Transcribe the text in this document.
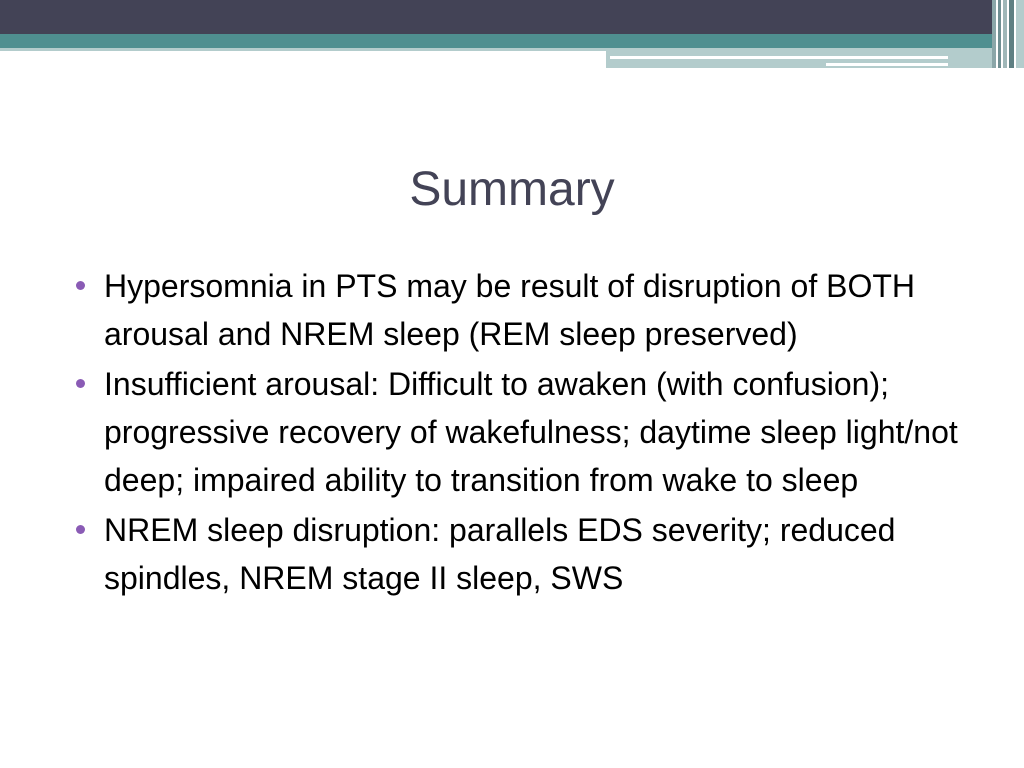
Summary
Hypersomnia in PTS may be result of disruption of BOTH arousal and NREM sleep (REM sleep preserved)
Insufficient arousal: Difficult to awaken (with confusion); progressive recovery of wakefulness; daytime sleep light/not deep; impaired ability to transition from wake to sleep
NREM sleep disruption: parallels EDS severity; reduced spindles, NREM stage II sleep, SWS
